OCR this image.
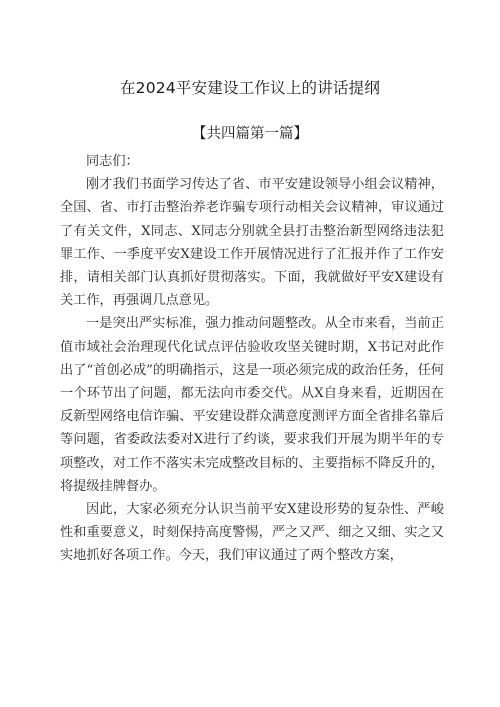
在2024平安建设工作议上的讲话提纲
【共四篇第一篇】

同志们：

刚才我们书面学习传达了省、市平安建设领导小组会议精神，全国、省、市打击整治养老诈骗专项行动相关会议精神，审议通过了有关文件，X同志、X同志分别就全县打击整治新型网络违法犯罪工作、一季度平安X建设工作开展情况进行了汇报并作了工作安排，请相关部门认真抓好贯彻落实。下面，我就做好平安X建设有关工作，再强调几点意见。

一是突出严实标准，强力推动问题整改。从全市来看，当前正值市域社会治理现代化试点评估验收攻坚关键时期，X书记对此作出了“首创必成”的明确指示，这是一项必须完成的政治任务，任何一个环节出了问题，都无法向市委交代。从X自身来看，近期因在反新型网络电信诈骗、平安建设群众满意度测评方面全省排名靠后等问题，省委政法委对X进行了约谈，要求我们开展为期半年的专项整改，对工作不落实未完成整改目标的、主要指标不降反升的，将提级挂牌督办。

因此，大家必须充分认识当前平安X建设形势的复杂性、严峻性和重要意义，时刻保持高度警惕，严之又严、细之又细、实之又实地抓好各项工作。今天，我们审议通过了两个整改方案，
